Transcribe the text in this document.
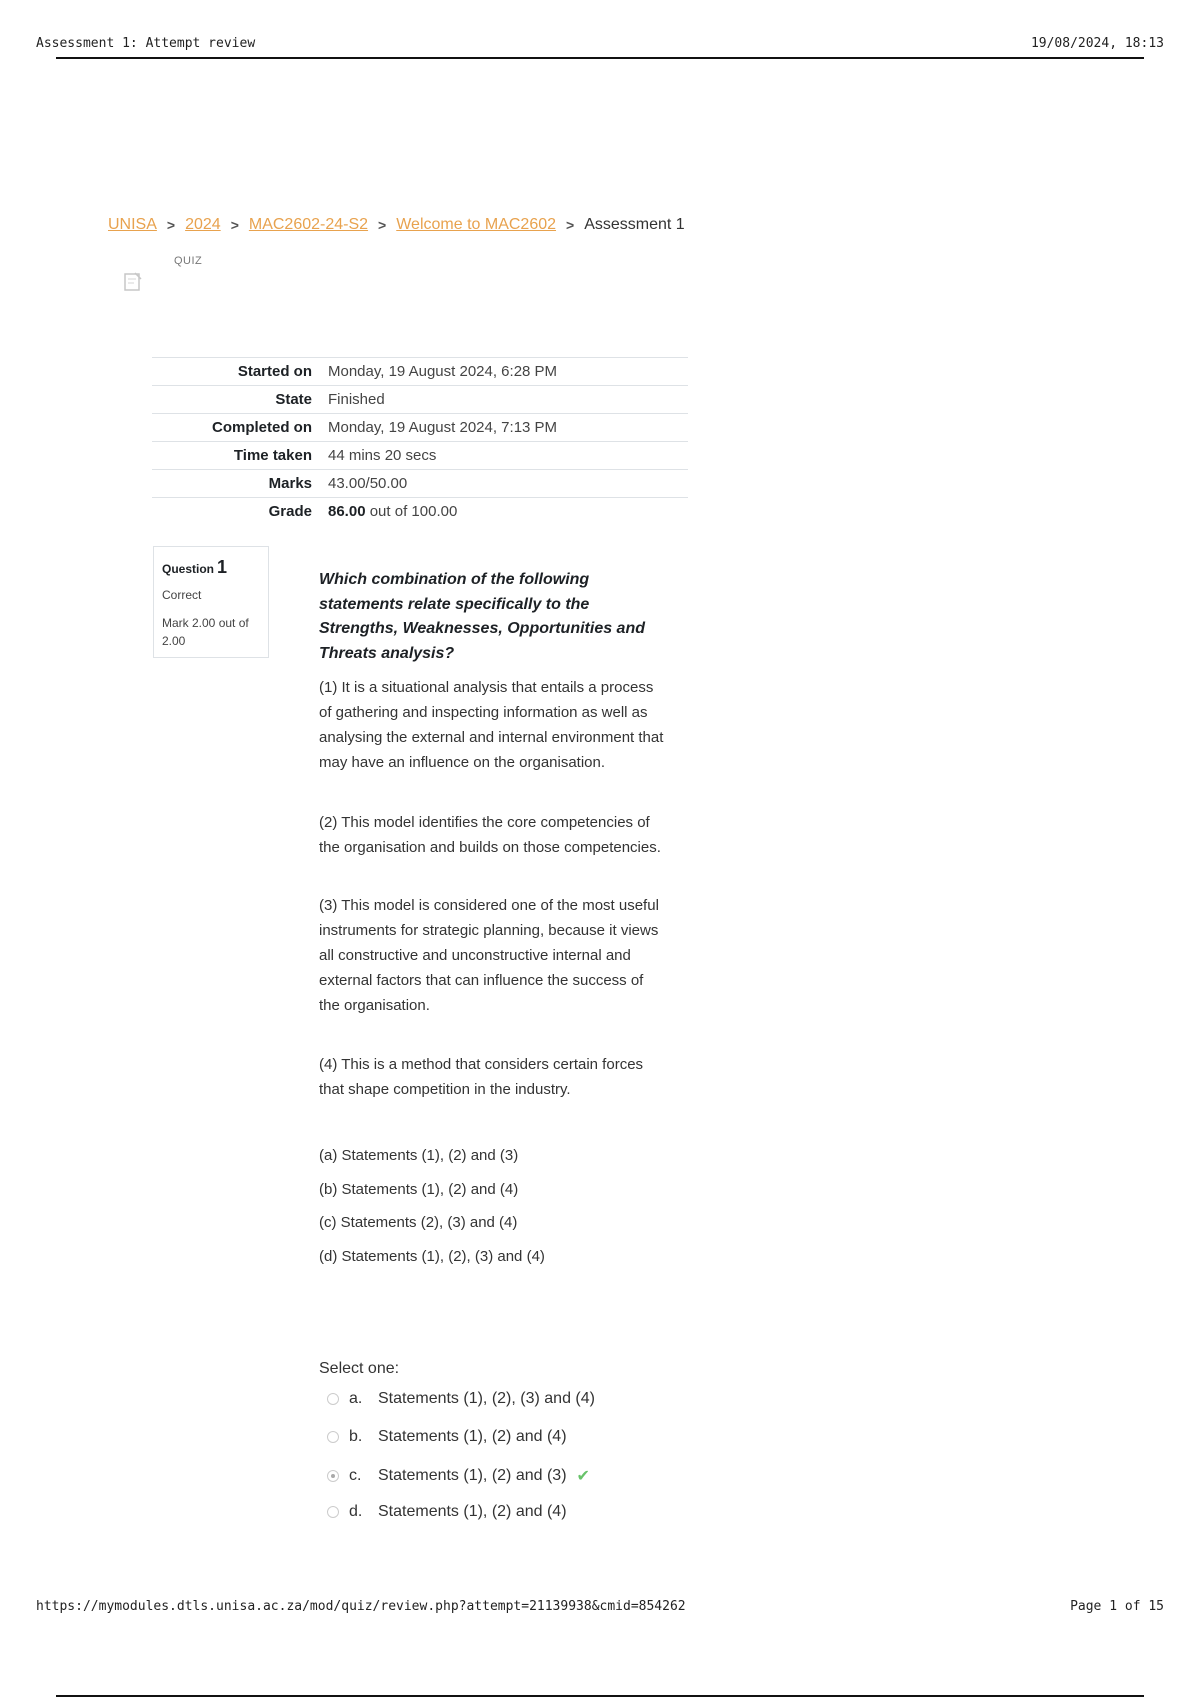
Assessment 1: Attempt review	19/08/2024, 18:13
UNISA > 2024 > MAC2602-24-S2 > Welcome to MAC2602 > Assessment 1
QUIZ
Started on	Monday, 19 August 2024, 6:28 PM
State	Finished
Completed on	Monday, 19 August 2024, 7:13 PM
Time taken	44 mins 20 secs
Marks	43.00/50.00
Grade	86.00 out of 100.00
Question 1
Correct
Mark 2.00 out of 2.00
Which combination of the following statements relate specifically to the Strengths, Weaknesses, Opportunities and Threats analysis?
(1) It is a situational analysis that entails a process of gathering and inspecting information as well as analysing the external and internal environment that may have an influence on the organisation.
(2) This model identifies the core competencies of the organisation and builds on those competencies.
(3) This model is considered one of the most useful instruments for strategic planning, because it views all constructive and unconstructive internal and external factors that can influence the success of the organisation.
(4) This is a method that considers certain forces that shape competition in the industry.
(a) Statements (1), (2) and (3)
(b) Statements (1), (2) and (4)
(c) Statements (2), (3) and (4)
(d) Statements (1), (2), (3) and (4)
Select one:
a. Statements (1), (2), (3) and (4)
b. Statements (1), (2) and (4)
c.	Statements (1), (2) and (3) ✔
d. Statements (1), (2) and (4)
https://mymodules.dtls.unisa.ac.za/mod/quiz/review.php?attempt=21139938&cmid=854262	Page 1 of 15
